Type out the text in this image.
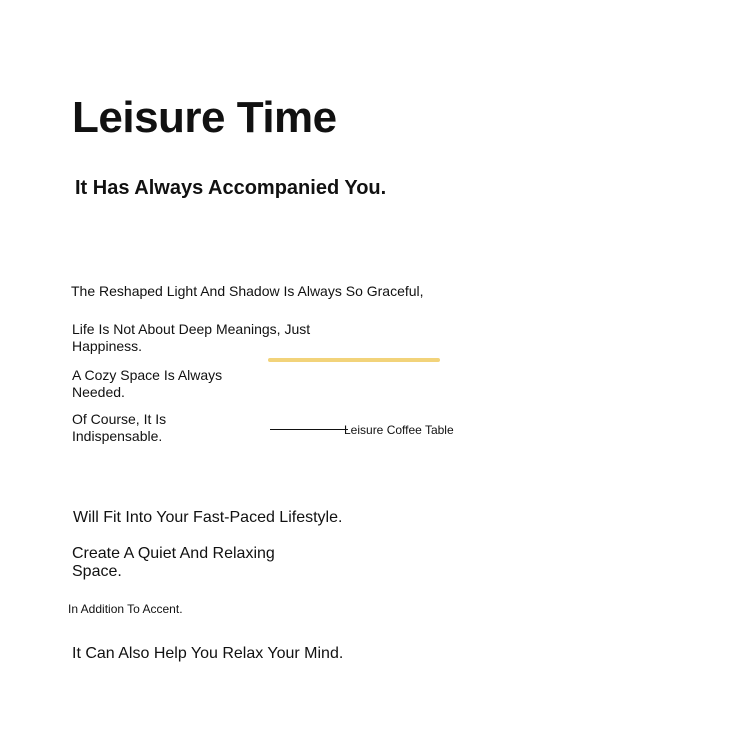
Leisure Time
It Has Always Accompanied You.
The Reshaped Light And Shadow Is Always So Graceful,
Life Is Not About Deep Meanings, Just Happiness.
A Cozy Space Is Always Needed.
Of Course, It Is Indispensable.	Leisure Coffee Table
Will Fit Into Your Fast-Paced Lifestyle.
Create A Quiet And Relaxing Space.
In Addition To Accent.
It Can Also Help You Relax Your Mind.
